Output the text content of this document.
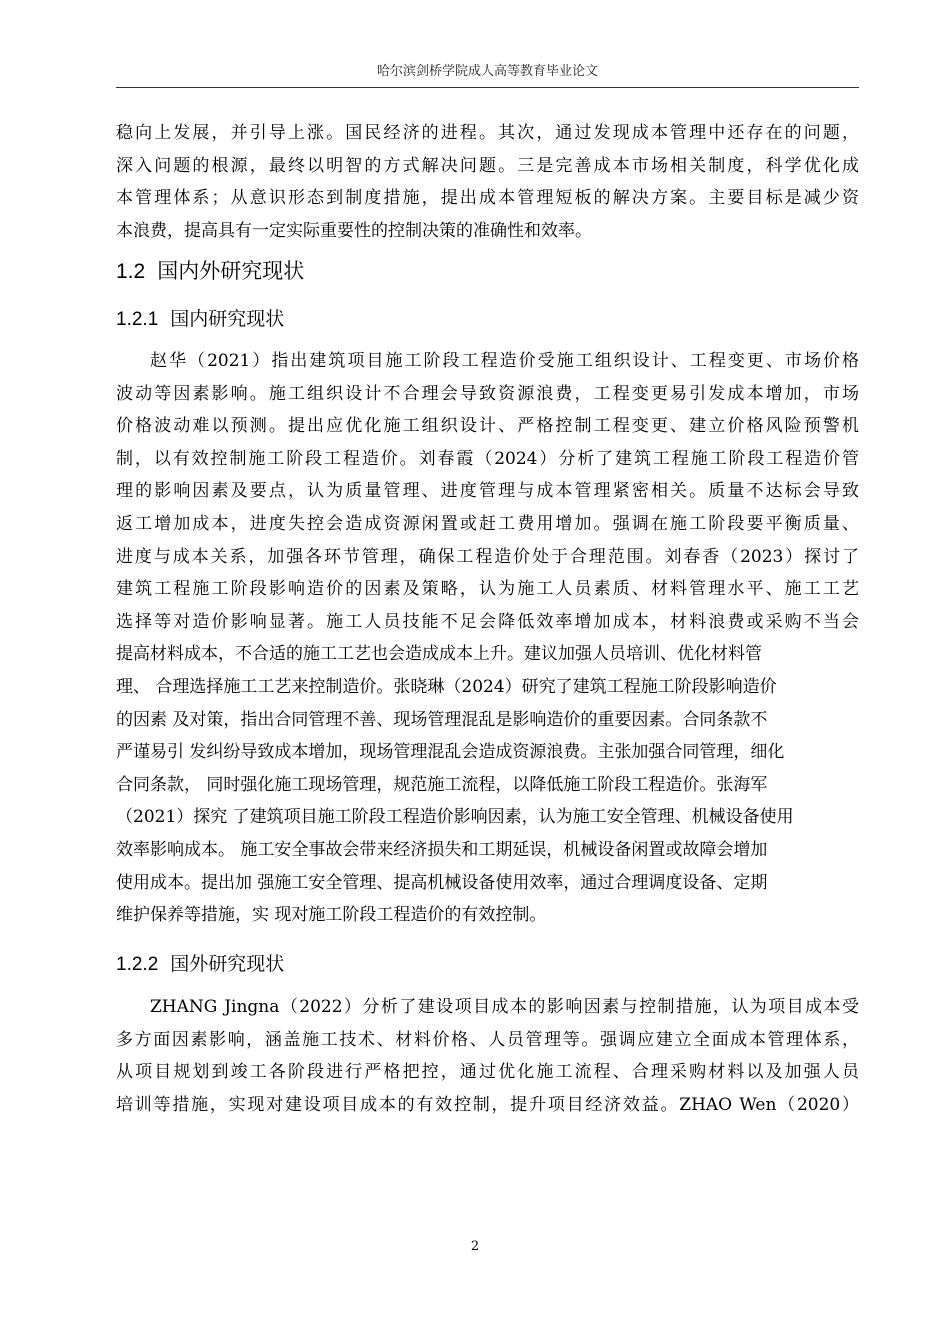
哈尔滨剑桥学院成人高等教育毕业论文
稳向上发展，并引导上涨。国民经济的进程。其次，通过发现成本管理中还存在的问题，
深入问题的根源，最终以明智的方式解决问题。三是完善成本市场相关制度，科学优化成
本管理体系；从意识形态到制度措施，提出成本管理短板的解决方案。主要目标是减少资
本浪费，提高具有一定实际重要性的控制决策的准确性和效率。
1.2 国内外研究现状
1.2.1 国内研究现状
赵华（2021）指出建筑项目施工阶段工程造价受施工组织设计、工程变更、市场价格
波动等因素影响。施工组织设计不合理会导致资源浪费，工程变更易引发成本增加，市场
价格波动难以预测。提出应优化施工组织设计、严格控制工程变更、建立价格风险预警机
制，以有效控制施工阶段工程造价。刘春霞（2024）分析了建筑工程施工阶段工程造价管
理的影响因素及要点，认为质量管理、进度管理与成本管理紧密相关。质量不达标会导致
返工增加成本，进度失控会造成资源闲置或赶工费用增加。强调在施工阶段要平衡质量、
进度与成本关系，加强各环节管理，确保工程造价处于合理范围。刘春香（2023）探讨了
建筑工程施工阶段影响造价的因素及策略，认为施工人员素质、材料管理水平、施工工艺
选择等对造价影响显著。施工人员技能不足会降低效率增加成本，材料浪费或采购不当会
提高材料成本，不合适的施工工艺也会造成成本上升。建议加强人员培训、优化材料管
理、 合理选择施工工艺来控制造价。张晓琳（2024）研究了建筑工程施工阶段影响造价
的因素 及对策，指出合同管理不善、现场管理混乱是影响造价的重要因素。合同条款不
严谨易引 发纠纷导致成本增加，现场管理混乱会造成资源浪费。主张加强合同管理，细化
合同条款， 同时强化施工现场管理，规范施工流程，以降低施工阶段工程造价。张海军
（2021）探究 了建筑项目施工阶段工程造价影响因素，认为施工安全管理、机械设备使用
效率影响成本。 施工安全事故会带来经济损失和工期延误，机械设备闲置或故障会增加
使用成本。提出加 强施工安全管理、提高机械设备使用效率，通过合理调度设备、定期
维护保养等措施，实 现对施工阶段工程造价的有效控制。
1.2.2 国外研究现状
ZHANG Jingna（2022）分析了建设项目成本的影响因素与控制措施，认为项目成本受
多方面因素影响，涵盖施工技术、材料价格、人员管理等。强调应建立全面成本管理体系，
从项目规划到竣工各阶段进行严格把控，通过优化施工流程、合理采购材料以及加强人员
培训等措施，实现对建设项目成本的有效控制，提升项目经济效益。ZHAO Wen（2020）
2
